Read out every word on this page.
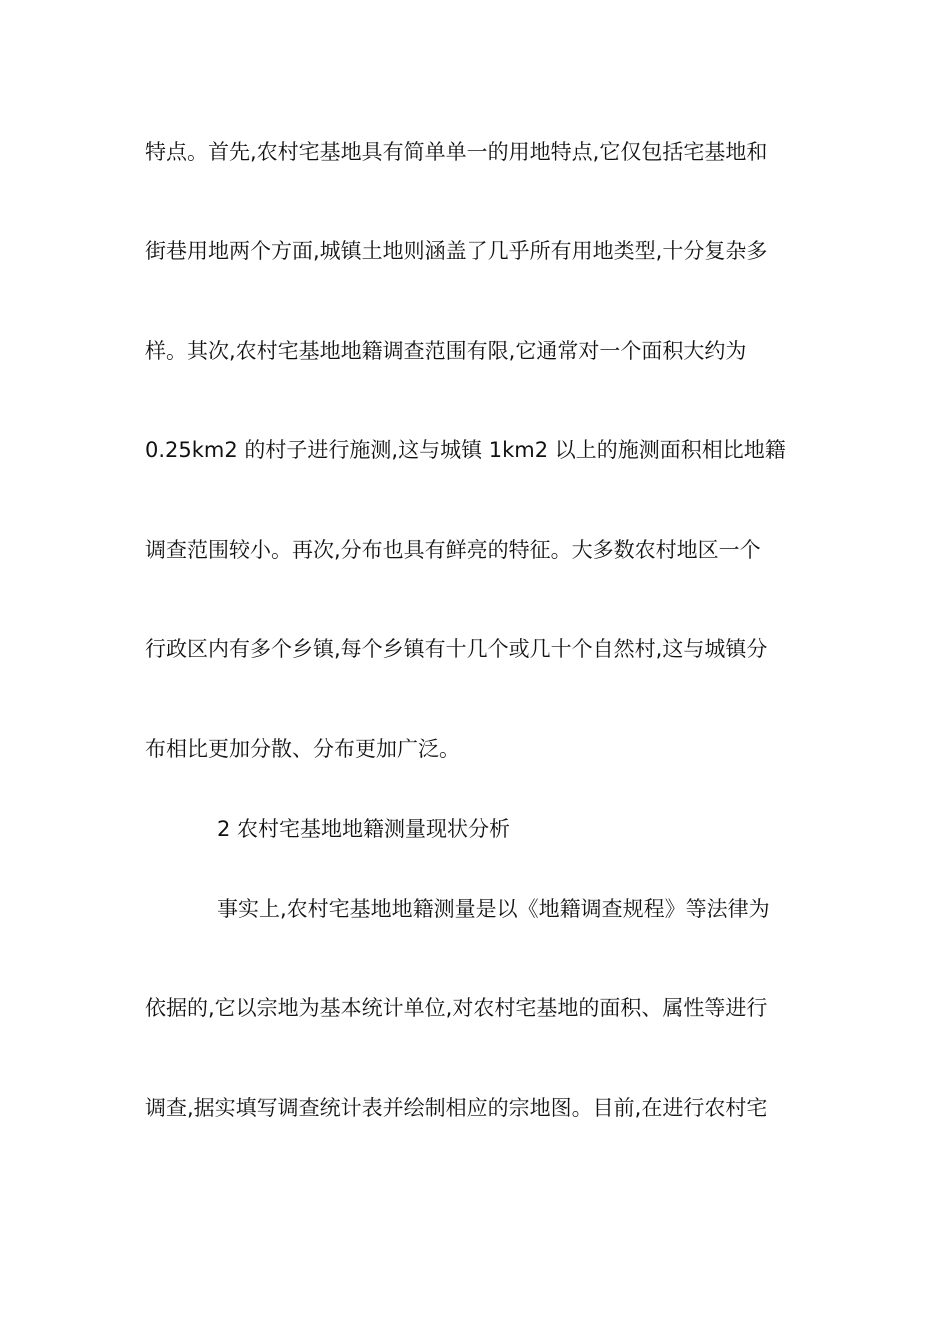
特点。首先,农村宅基地具有简单单一的用地特点,它仅包括宅基地和
街巷用地两个方面,城镇土地则涵盖了几乎所有用地类型,十分复杂多
样。其次,农村宅基地地籍调查范围有限,它通常对一个面积大约为
0.25km2 的村子进行施测,这与城镇 1km2 以上的施测面积相比地籍
调查范围较小。再次,分布也具有鲜亮的特征。大多数农村地区一个
行政区内有多个乡镇,每个乡镇有十几个或几十个自然村,这与城镇分
布相比更加分散、分布更加广泛。
2 农村宅基地地籍测量现状分析
事实上,农村宅基地地籍测量是以《地籍调查规程》等法律为
依据的,它以宗地为基本统计单位,对农村宅基地的面积、属性等进行
调查,据实填写调查统计表并绘制相应的宗地图。目前,在进行农村宅
